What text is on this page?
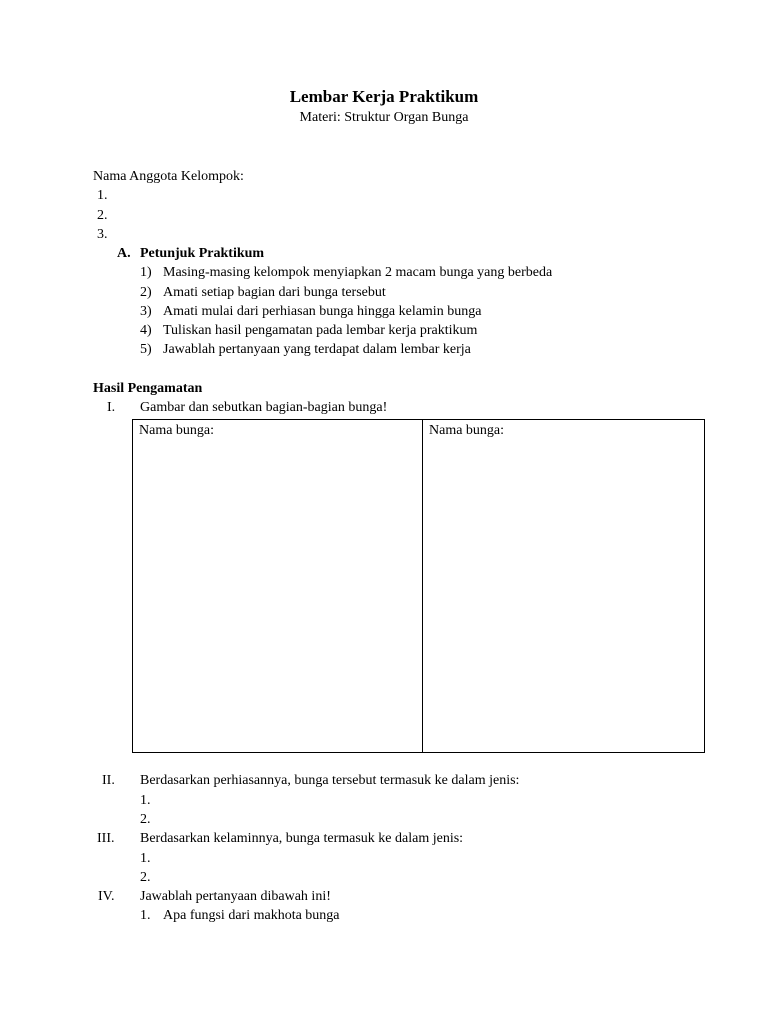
Lembar Kerja Praktikum
Materi: Struktur Organ Bunga
Nama Anggota Kelompok:
1.
2.
3.
A. Petunjuk Praktikum
1) Masing-masing kelompok menyiapkan 2 macam bunga yang berbeda
2) Amati setiap bagian dari bunga tersebut
3) Amati mulai dari perhiasan bunga hingga kelamin bunga
4) Tuliskan hasil pengamatan pada lembar kerja praktikum
5) Jawablah pertanyaan yang terdapat dalam lembar kerja
Hasil Pengamatan
I. Gambar dan sebutkan bagian-bagian bunga!
Nama bunga:	Nama bunga:
II. Berdasarkan perhiasannya, bunga tersebut termasuk ke dalam jenis:
1.
2.
III. Berdasarkan kelaminnya, bunga termasuk ke dalam jenis:
1.
2.
IV. Jawablah pertanyaan dibawah ini!
1. Apa fungsi dari makhota bunga
